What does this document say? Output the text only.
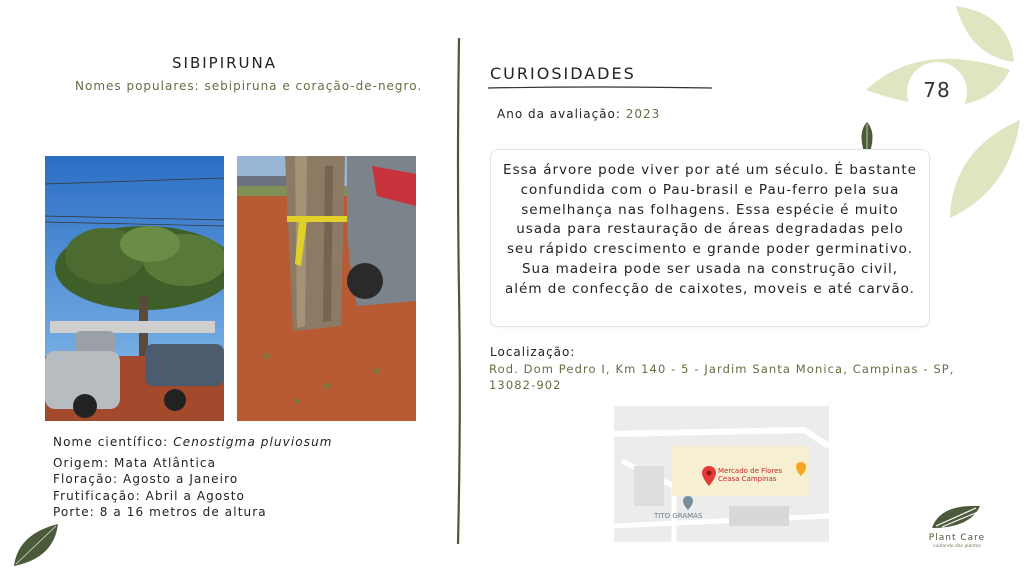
SIBIPIRUNA
Nomes populares: sebipiruna e coração-de-negro.

Nome científico: Cenostigma pluviosum

Origem: Mata Atlântica

Floração: Agosto a Janeiro

Frutificação: Abril a Agosto

Porte: 8 a 16 metros de altura

CURIOSIDADES
Ano da avaliação: 2023

Essa árvore pode viver por até um século. É bastante confundida com o Pau-brasil e Pau-ferro pela sua semelhança nas folhagens. Essa espécie é muito usada para restauração de áreas degradadas pelo seu rápido crescimento e grande poder germinativo. Sua madeira pode ser usada na construção civil, além de confecção de caixotes, moveis e até carvão.

Localização:
Rod. Dom Pedro I, Km 140 - 5 - Jardim Santa Monica, Campinas - SP, 13082-902
Mercado de Flores
Ceasa Campinas
TITO GRAMAS
78
Plant Care
cuidando das plantas
